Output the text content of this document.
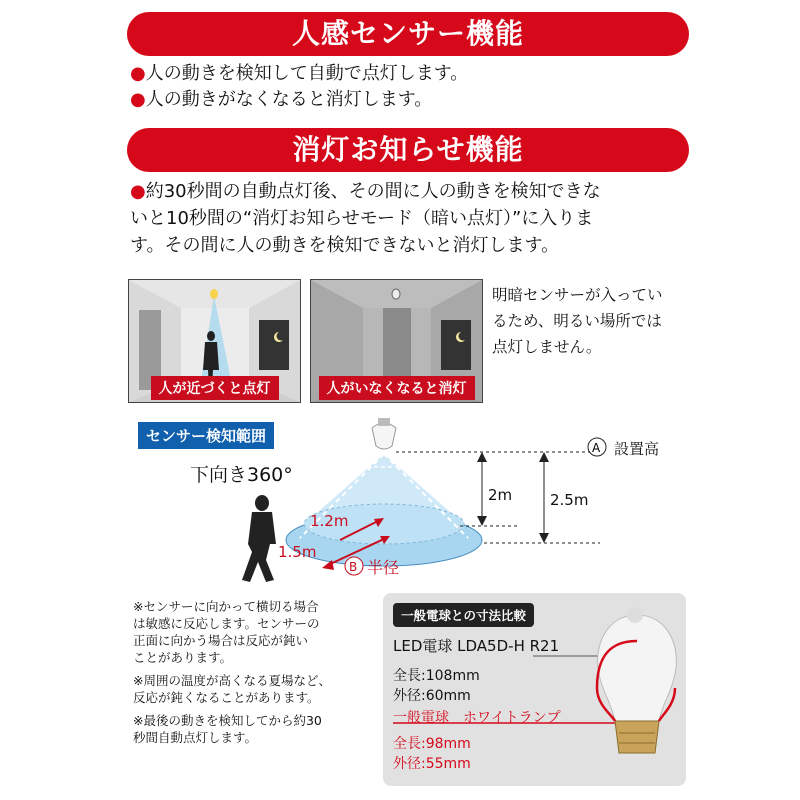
人感センサー機能
●人の動きを検知して自動で点灯します。
●人の動きがなくなると消灯します。
消灯お知らせ機能
●約30秒間の自動点灯後、その間に人の動きを検知できな
いと10秒間の“消灯お知らせモード（暗い点灯）”に入りま
す。その間に人の動きを検知できないと消灯します。
人が近づくと点灯	人がいなくなると消灯
明暗センサーが入ってい
るため、明るい場所では
点灯しません。
センサー検知範囲
下向き360°
2m	2.5m
A 設置高
1.2m
1.5m
B 半径

※センサーに向かって横切る場合
は敏感に反応します。センサーの
正面に向かう場合は反応が鈍い
ことがあります。

※周囲の温度が高くなる夏場など、
反応が鈍くなることがあります。

※最後の動きを検知してから約30
秒間自動点灯します。

一般電球との寸法比較
LED電球 LDA5D-H R21
全長:108mm
外径:60mm
一般電球　ホワイトランプ
全長:98mm
外径:55mm
